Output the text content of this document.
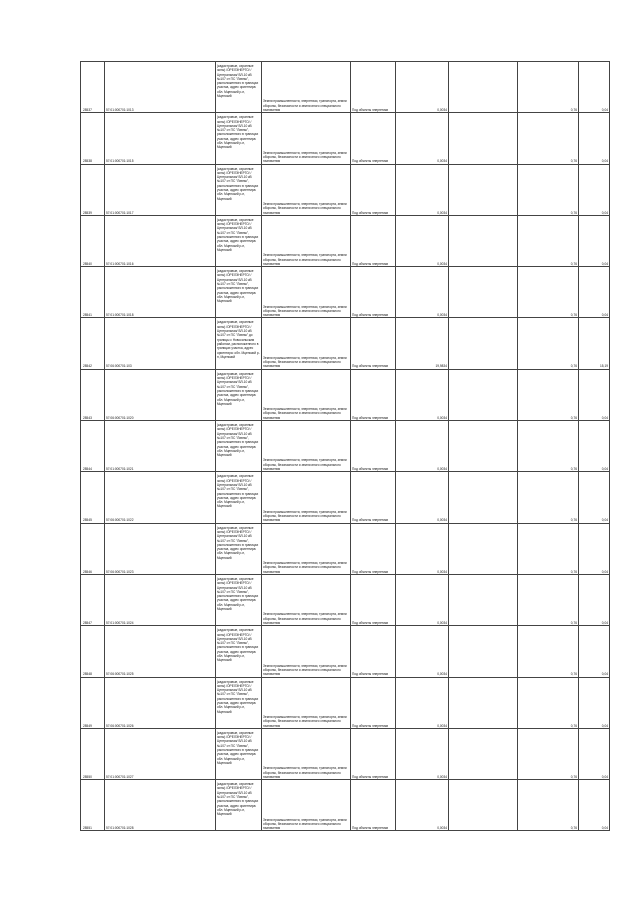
28537	57:01:000701:1013	(кадастровые, охранные зоны) /ОРЕЛЭНЕРГО/ /Центральная/ ВЛ-10 кВ №107 от ПС "Ливны", расположенного в границах участка, адрес ориентира: обл. Мценский р-н, Мценский	Земли промышленности, энергетики, транспорта, земли обороны, безопасности и земли иного специального назначения	Под объекты энергетики	0,0034		0,76	0,04
28538	57:01:000701:1015	(кадастровые, охранные зоны) /ОРЕЛЭНЕРГО/ /Центральная/ ВЛ-10 кВ №107 от ПС "Ливны", расположенного в границах участка, адрес ориентира: обл. Мценский р-н, Мценский	Земли промышленности, энергетики, транспорта, земли обороны, безопасности и земли иного специального назначения	Под объекты энергетики	0,0034		0,76	0,04
28539	57:01:000701:1017	(кадастровые, охранные зоны) /ОРЕЛЭНЕРГО/ /Центральная/ ВЛ-10 кВ №107 от ПС "Ливны", расположенного в границах участка, адрес ориентира: обл. Мценский р-н, Мценский	Земли промышленности, энергетики, транспорта, земли обороны, безопасности и земли иного специального назначения	Под объекты энергетики	0,0034		0,76	0,04
28540	57:01:000701:1016	(кадастровые, охранные зоны) /ОРЕЛЭНЕРГО/ /Центральная/ ВЛ-10 кВ №107 от ПС "Ливны", расположенного в границах участка, адрес ориентира: обл. Мценский р-н, Мценский	Земли промышленности, энергетики, транспорта, земли обороны, безопасности и земли иного специального назначения	Под объекты энергетики	0,0034		0,76	0,04
28541	57:01:000701:1018	(кадастровые, охранные зоны) /ОРЕЛЭНЕРГО/ /Центральная/ ВЛ-10 кВ №107 от ПС "Ливны", расположенного в границах участка, адрес ориентира: обл. Мценский р-н, Мценский	Земли промышленности, энергетики, транспорта, земли обороны, безопасности и земли иного специального назначения	Под объекты энергетики	0,0034		0,76	0,04
28542	57:06:000701:103	(кадастровые, охранные зоны) /ОРЕЛЭНЕРГО/ /Центральная/ ВЛ-10 кВ №107 от ПС "Ливны" до границы с Новосильским районом, расположенного в границах участка, адрес ориентира: обл. Мценский р-н, Мценский	Земли промышленности, энергетики, транспорта, земли обороны, безопасности и земли иного специального назначения	Под объекты энергетики	19,9834		0,76	15,19
28543	57:06:000701:1020	(кадастровые, охранные зоны) /ОРЕЛЭНЕРГО/ /Центральная/ ВЛ-10 кВ №107 от ПС "Ливны", расположенного в границах участка, адрес ориентира: обл. Мценский р-н, Мценский	Земли промышленности, энергетики, транспорта, земли обороны, безопасности и земли иного специального назначения	Под объекты энергетики	0,0034		0,76	0,04
28544	57:01:000701:1021	(кадастровые, охранные зоны) /ОРЕЛЭНЕРГО/ /Центральная/ ВЛ-10 кВ №107 от ПС "Ливны", расположенного в границах участка, адрес ориентира: обл. Мценский р-н, Мценский	Земли промышленности, энергетики, транспорта, земли обороны, безопасности и земли иного специального назначения	Под объекты энергетики	0,0034		0,76	0,04
28545	57:06:000701:1022	(кадастровые, охранные зоны) /ОРЕЛЭНЕРГО/ /Центральная/ ВЛ-10 кВ №107 от ПС "Ливны", расположенного в границах участка, адрес ориентира: обл. Мценский р-н, Мценский	Земли промышленности, энергетики, транспорта, земли обороны, безопасности и земли иного специального назначения	Под объекты энергетики	0,0034		0,76	0,04
28546	57:06:000701:1023	(кадастровые, охранные зоны) /ОРЕЛЭНЕРГО/ /Центральная/ ВЛ-10 кВ №107 от ПС "Ливны", расположенного в границах участка, адрес ориентира: обл. Мценский р-н, Мценский	Земли промышленности, энергетики, транспорта, земли обороны, безопасности и земли иного специального назначения	Под объекты энергетики	0,0034		0,76	0,04
28547	57:01:000701:1024	(кадастровые, охранные зоны) /ОРЕЛЭНЕРГО/ /Центральная/ ВЛ-10 кВ №107 от ПС "Ливны", расположенного в границах участка, адрес ориентира: обл. Мценский р-н, Мценский	Земли промышленности, энергетики, транспорта, земли обороны, безопасности и земли иного специального назначения	Под объекты энергетики	0,0034		0,76	0,04
28548	57:06:000701:1025	(кадастровые, охранные зоны) /ОРЕЛЭНЕРГО/ /Центральная/ ВЛ-10 кВ №107 от ПС "Ливны", расположенного в границах участка, адрес ориентира: обл. Мценский р-н, Мценский	Земли промышленности, энергетики, транспорта, земли обороны, безопасности и земли иного специального назначения	Под объекты энергетики	0,0034		0,76	0,04
28549	57:06:000701:1026	(кадастровые, охранные зоны) /ОРЕЛЭНЕРГО/ /Центральная/ ВЛ-10 кВ №107 от ПС "Ливны", расположенного в границах участка, адрес ориентира: обл. Мценский р-н, Мценский	Земли промышленности, энергетики, транспорта, земли обороны, безопасности и земли иного специального назначения	Под объекты энергетики	0,0034		0,76	0,04
28550	57:01:000701:1027	(кадастровые, охранные зоны) /ОРЕЛЭНЕРГО/ /Центральная/ ВЛ-10 кВ №107 от ПС "Ливны", расположенного в границах участка, адрес ориентира: обл. Мценский р-н, Мценский	Земли промышленности, энергетики, транспорта, земли обороны, безопасности и земли иного специального назначения	Под объекты энергетики	0,0034		0,76	0,04
28551	57:01:000701:1028	(кадастровые, охранные зоны) /ОРЕЛЭНЕРГО/ /Центральная/ ВЛ-10 кВ №107 от ПС "Ливны", расположенного в границах участка, адрес ориентира: обл. Мценский р-н, Мценский	Земли промышленности, энергетики, транспорта, земли обороны, безопасности и земли иного специального назначения	Под объекты энергетики	0,0034		0,76	0,04
